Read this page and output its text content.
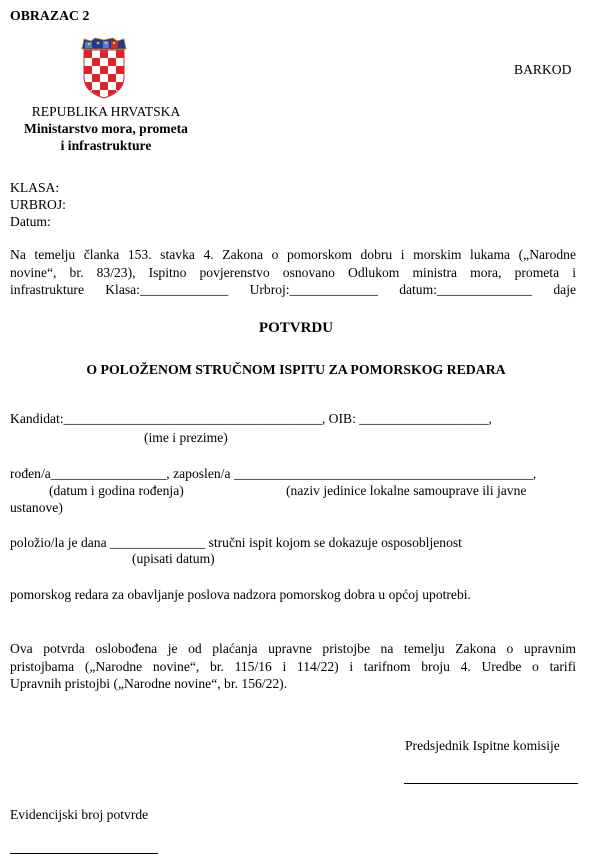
OBRAZAC 2
BARKOD
REPUBLIKA HRVATSKA
Ministarstvo mora, prometa
i infrastrukture
KLASA:
URBROJ:
Datum:
Na temelju članka 153. stavka 4. Zakona o pomorskom dobru i morskim lukama („Narodne
novine“, br. 83/23), Ispitno povjerenstvo osnovano Odlukom ministra mora, prometa i
infrastrukture Klasa:_____________ Urbroj:_____________ datum:______________ daje
POTVRDU
O POLOŽENOM STRUČNOM ISPITU ZA POMORSKOG REDARA
Kandidat:______________________________________, OIB: ___________________,
(ime i prezime)
rođen/a_________________, zaposlen/a ____________________________________________,
(datum i godina rođenja)	(naziv jedinice lokalne samouprave ili javne
ustanove)
položio/la je dana ______________ stručni ispit kojom se dokazuje osposobljenost
(upisati datum)
pomorskog redara za obavljanje poslova nadzora pomorskog dobra u općoj upotrebi.
Ova potvrda oslobođena je od plaćanja upravne pristojbe na temelju Zakona o upravnim
pristojbama („Narodne novine“, br. 115/16 i 114/22) i tarifnom broju 4. Uredbe o tarifi
Upravnih pristojbi („Narodne novine“, br. 156/22).
Predsjednik Ispitne komisije
Evidencijski broj potvrde
